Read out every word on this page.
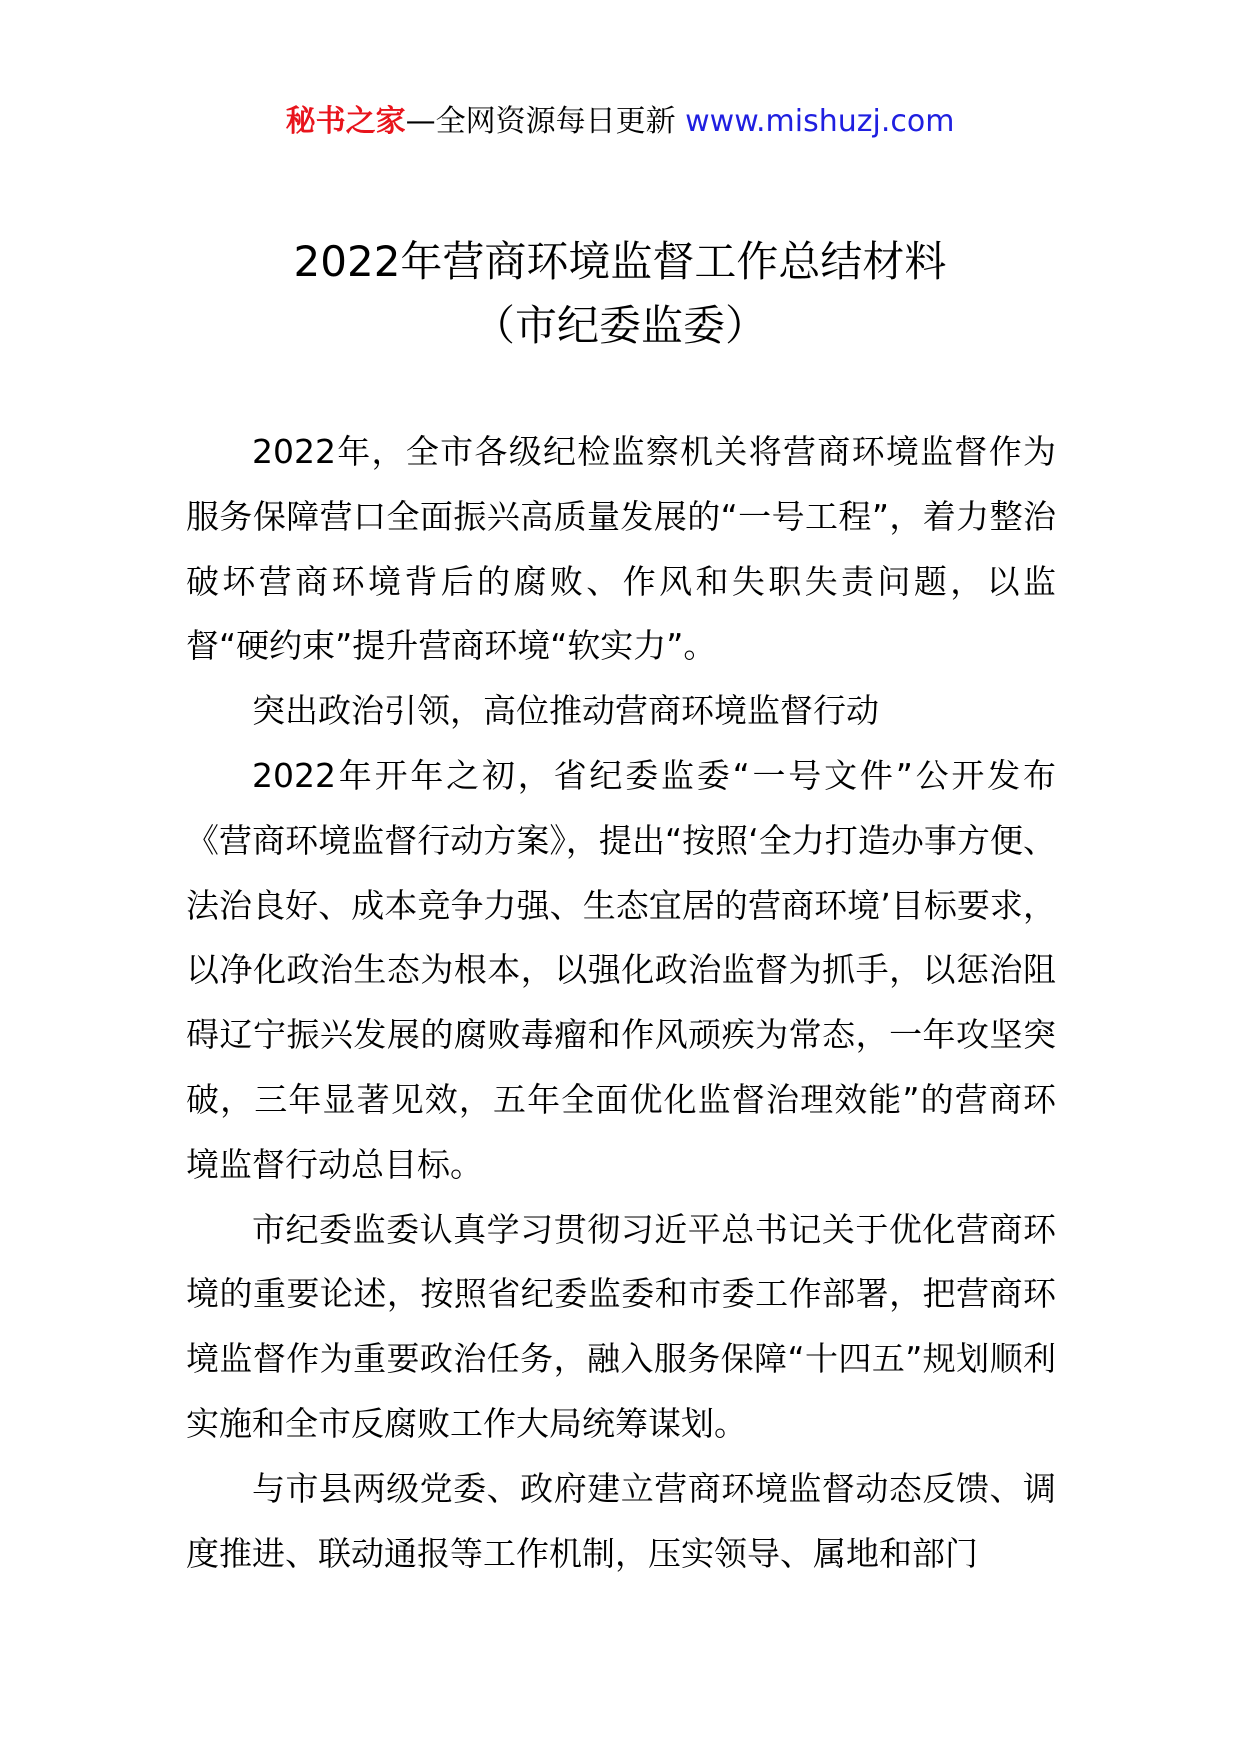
秘书之家—全网资源每日更新 www.mishuzj.com
2022年营商环境监督工作总结材料
（市纪委监委）

2022年，全市各级纪检监察机关将营商环境监督作为服务保障营口全面振兴高质量发展的“一号工程”，着力整治破坏营商环境背后的腐败、作风和失职失责问题，以监督“硬约束”提升营商环境“软实力”。

突出政治引领，高位推动营商环境监督行动

2022年开年之初，省纪委监委“一号文件”公开发布《营商环境监督行动方案》，提出“按照‘全力打造办事方便、法治良好、成本竞争力强、生态宜居的营商环境’目标要求，以净化政治生态为根本，以强化政治监督为抓手，以惩治阻碍辽宁振兴发展的腐败毒瘤和作风顽疾为常态，一年攻坚突破，三年显著见效，五年全面优化监督治理效能”的营商环境监督行动总目标。

市纪委监委认真学习贯彻习近平总书记关于优化营商环境的重要论述，按照省纪委监委和市委工作部署，把营商环境监督作为重要政治任务，融入服务保障“十四五”规划顺利实施和全市反腐败工作大局统筹谋划。

与市县两级党委、政府建立营商环境监督动态反馈、调度推进、联动通报等工作机制，压实领导、属地和部门
